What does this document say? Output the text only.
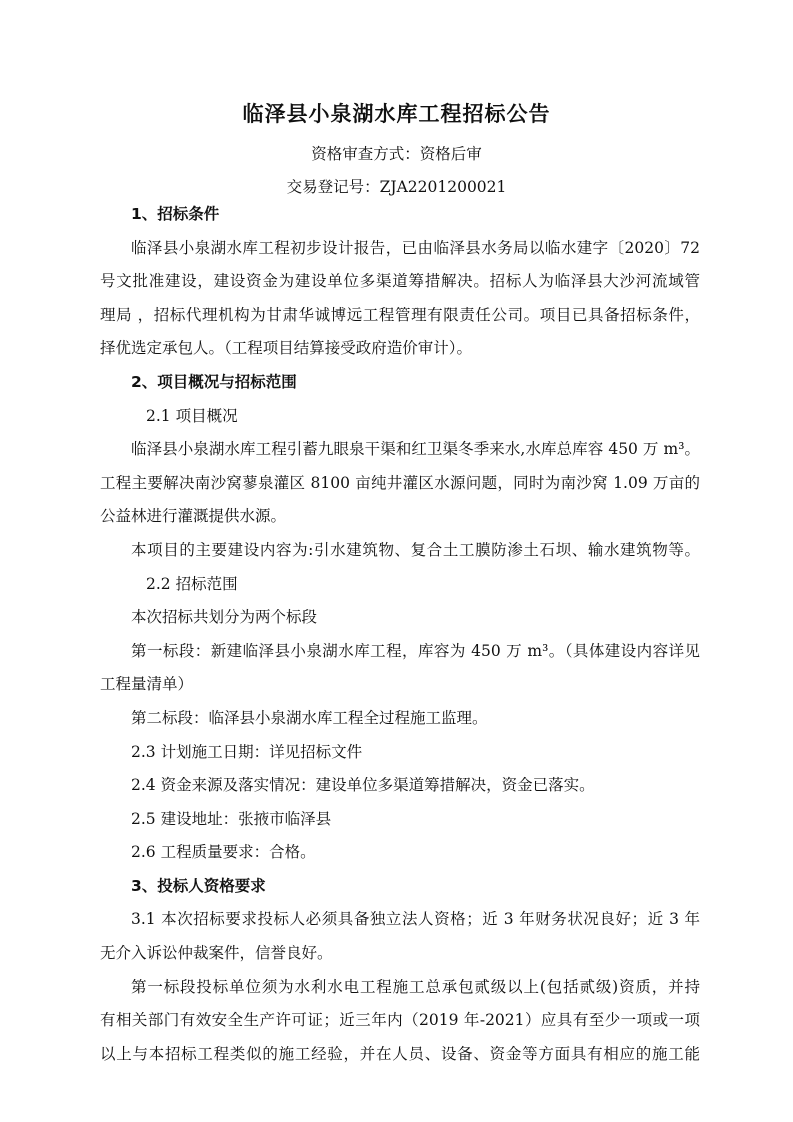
临泽县小泉湖水库工程招标公告
资格审查方式：资格后审
交易登记号：ZJA2201200021
1、招标条件
临泽县小泉湖水库工程初步设计报告，已由临泽县水务局以临水建字〔2020〕72
号文批准建设，建设资金为建设单位多渠道筹措解决。招标人为临泽县大沙河流域管
理局 ，招标代理机构为甘肃华诚博远工程管理有限责任公司。项目已具备招标条件，
择优选定承包人。（工程项目结算接受政府造价审计）。
2、项目概况与招标范围
2.1 项目概况
临泽县小泉湖水库工程引蓄九眼泉干渠和红卫渠冬季来水,水库总库容 450 万 m³。
工程主要解决南沙窝蓼泉灌区 8100 亩纯井灌区水源问题，同时为南沙窝 1.09 万亩的
公益林进行灌溉提供水源。
本项目的主要建设内容为:引水建筑物、复合土工膜防渗土石坝、输水建筑物等。
2.2 招标范围
本次招标共划分为两个标段
第一标段：新建临泽县小泉湖水库工程，库容为 450 万 m³。（具体建设内容详见
工程量清单）
第二标段：临泽县小泉湖水库工程全过程施工监理。
2.3 计划施工日期：详见招标文件
2.4 资金来源及落实情况：建设单位多渠道筹措解决，资金已落实。
2.5 建设地址：张掖市临泽县
2.6 工程质量要求：合格。
3、投标人资格要求
3.1 本次招标要求投标人必须具备独立法人资格；近 3 年财务状况良好；近 3 年
无介入诉讼仲裁案件，信誉良好。
第一标段投标单位须为水利水电工程施工总承包贰级以上(包括贰级)资质，并持
有相关部门有效安全生产许可证；近三年内（2019 年-2021）应具有至少一项或一项
以上与本招标工程类似的施工经验，并在人员、设备、资金等方面具有相应的施工能
